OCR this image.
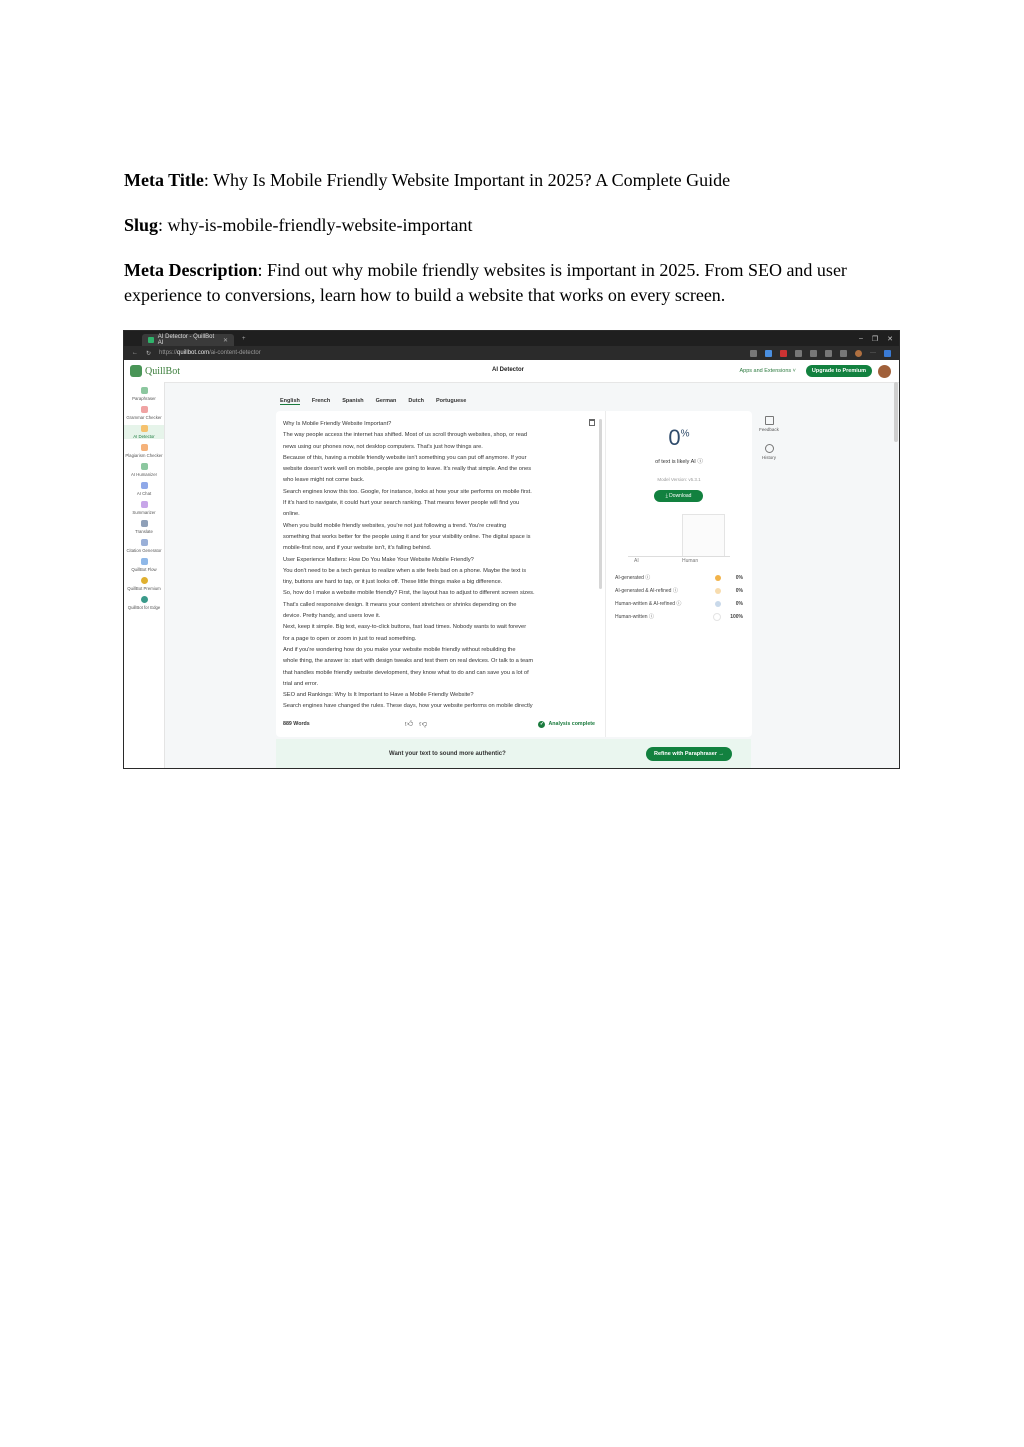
Meta Title: Why Is Mobile Friendly Website Important in 2025? A Complete Guide

Slug: why-is-mobile-friendly-website-important

Meta Description: Find out why mobile friendly websites is important in 2025. From SEO and user experience to conversions, learn how to build a website that works on every screen.

AI Detector - QuillBot AI	✕ +	– ❐ ✕
← ↻ https://quillbot.com/ai-content-detector	···
QuillBot	AI Detector	Apps and Extensions ˅	Upgrade to Premium
Paraphraser
Grammar Checker
AI Detector
Plagiarism Checker
AI Humanizer
AI Chat
Summarizer
Translate
Citation Generator
QuillBot Flow
QuillBot Premium
QuillBot for Edge
English French Spanish German Dutch Portuguese
Why Is Mobile Friendly Website Important?
The way people access the internet has shifted. Most of us scroll through websites, shop, or read
news using our phones now, not desktop computers. That's just how things are.
Because of this, having a mobile friendly website isn't something you can put off anymore. If your
website doesn't work well on mobile, people are going to leave. It's really that simple. And the ones
who leave might not come back.
Search engines know this too. Google, for instance, looks at how your site performs on mobile first.
If it's hard to navigate, it could hurt your search ranking. That means fewer people will find you
online.
When you build mobile friendly websites, you're not just following a trend. You're creating
something that works better for the people using it and for your visibility online. The digital space is
mobile-first now, and if your website isn't, it's falling behind.
User Experience Matters: How Do You Make Your Website Mobile Friendly?
You don't need to be a tech genius to realize when a site feels bad on a phone. Maybe the text is
tiny, buttons are hard to tap, or it just looks off. These little things make a big difference.
So, how do I make a website mobile friendly? First, the layout has to adjust to different screen sizes.
That's called responsive design. It means your content stretches or shrinks depending on the
device. Pretty handy, and users love it.
Next, keep it simple. Big text, easy-to-click buttons, fast load times. Nobody wants to wait forever
for a page to open or zoom in just to read something.
And if you're wondering how do you make your website mobile friendly without rebuilding the
whole thing, the answer is: start with design tweaks and test them on real devices. Or talk to a team
that handles mobile friendly website development, they know what to do and can save you a lot of
trial and error.
SEO and Rankings: Why Is It Important to Have a Mobile Friendly Website?
Search engines have changed the rules. These days, how your website performs on mobile directly
889 Words	👍︎ 👎︎	✓ Analysis complete
0%
of text is likely AI ⓘ
Model Version: v5.3.1
⤓ Download
AI	Human
AI-generated ⓘ	0%
AI-generated & AI-refined ⓘ	0%
Human-written & AI-refined ⓘ	0%
Human-written ⓘ	100%
Feedback
History
Want your text to sound more authentic?	Refine with Paraphraser →
